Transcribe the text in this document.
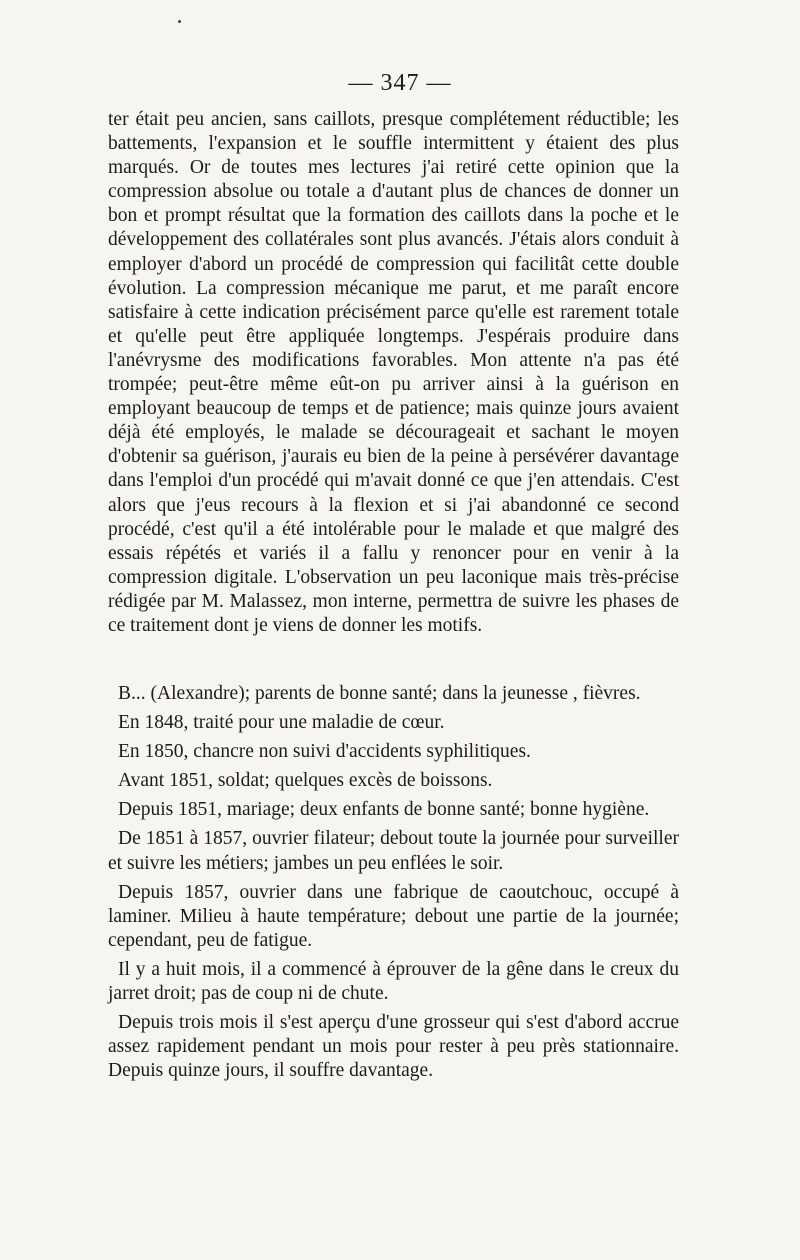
— 347 —

ter était peu ancien, sans caillots, presque complétement réductible; les battements, l'expansion et le souffle intermittent y étaient des plus marqués. Or de toutes mes lectures j'ai retiré cette opinion que la compression absolue ou totale a d'autant plus de chances de donner un bon et prompt résultat que la formation des caillots dans la poche et le développement des collatérales sont plus avancés. J'étais alors conduit à employer d'abord un procédé de compression qui facilitât cette double évolution. La compression mécanique me parut, et me paraît encore satisfaire à cette indication précisément parce qu'elle est rarement totale et qu'elle peut être appliquée longtemps. J'espérais produire dans l'anévrysme des modifications favorables. Mon attente n'a pas été trompée; peut-être même eût-on pu arriver ainsi à la guérison en employant beaucoup de temps et de patience; mais quinze jours avaient déjà été employés, le malade se décourageait et sachant le moyen d'obtenir sa guérison, j'aurais eu bien de la peine à persévérer davantage dans l'emploi d'un procédé qui m'avait donné ce que j'en attendais. C'est alors que j'eus recours à la flexion et si j'ai abandonné ce second procédé, c'est qu'il a été intolérable pour le malade et que malgré des essais répétés et variés il a fallu y renoncer pour en venir à la compression digitale. L'observation un peu laconique mais très-précise rédigée par M. Malassez, mon interne, permettra de suivre les phases de ce traitement dont je viens de donner les motifs.

B... (Alexandre); parents de bonne santé; dans la jeunesse , fièvres.

En 1848, traité pour une maladie de cœur.

En 1850, chancre non suivi d'accidents syphilitiques.

Avant 1851, soldat; quelques excès de boissons.

Depuis 1851, mariage; deux enfants de bonne santé; bonne hygiène.

De 1851 à 1857, ouvrier filateur; debout toute la journée pour surveiller et suivre les métiers; jambes un peu enflées le soir.

Depuis 1857, ouvrier dans une fabrique de caoutchouc, occupé à laminer. Milieu à haute température; debout une partie de la journée; cependant, peu de fatigue.

Il y a huit mois, il a commencé à éprouver de la gêne dans le creux du jarret droit; pas de coup ni de chute.

Depuis trois mois il s'est aperçu d'une grosseur qui s'est d'abord accrue assez rapidement pendant un mois pour rester à peu près stationnaire. Depuis quinze jours, il souffre davantage.
